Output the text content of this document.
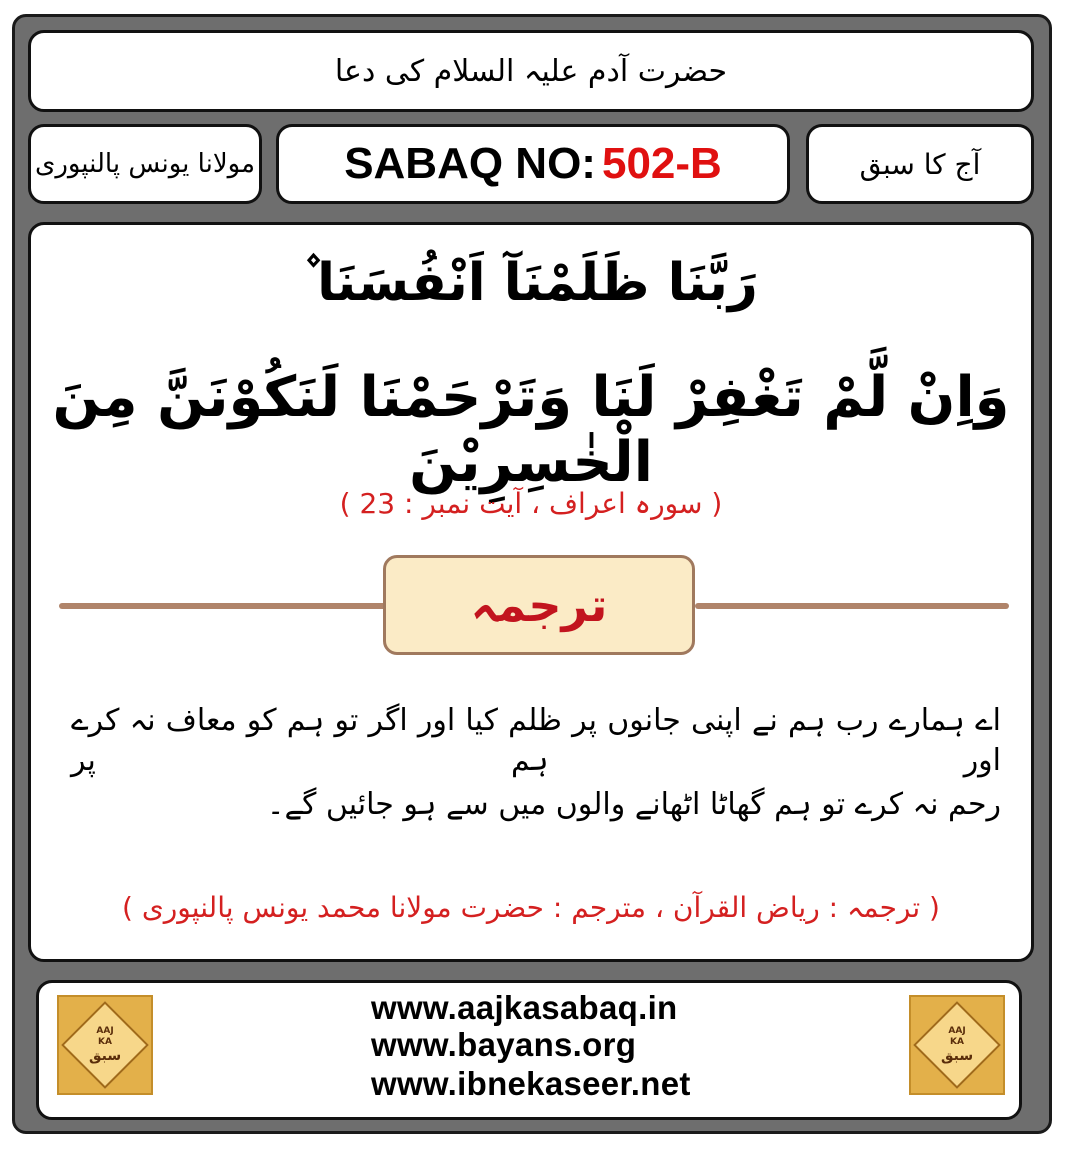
حضرت آدم علیہ السلام کی دعا
مولانا یونس پالنپوری SABAQ NO: 502-B	آج کا سبق
رَبَّنَا ظَلَمْنَآ اَنْفُسَنَا ۫
وَاِنْ لَّمْ تَغْفِرْ لَنَا وَتَرْحَمْنَا لَنَكُوْنَنَّ مِنَ الْخٰسِرِيْنَ
( سورہ اعراف ، آیت نمبر : 23 )
ترجمہ
اے ہمارے رب ہم نے اپنی جانوں پر ظلم کیا اور اگر تو ہم کو معاف نہ کرے اور ہم پر
رحم نہ کرے تو ہم گھاٹا اٹھانے والوں میں سے ہو جائیں گے۔
( ترجمہ : ریاض القرآن ، مترجم : حضرت مولانا محمد یونس پالنپوری )
AAJ
KA
سبق
www.aajkasabaq.in
www.bayans.org
www.ibnekaseer.net
AAJ
KA
سبق
